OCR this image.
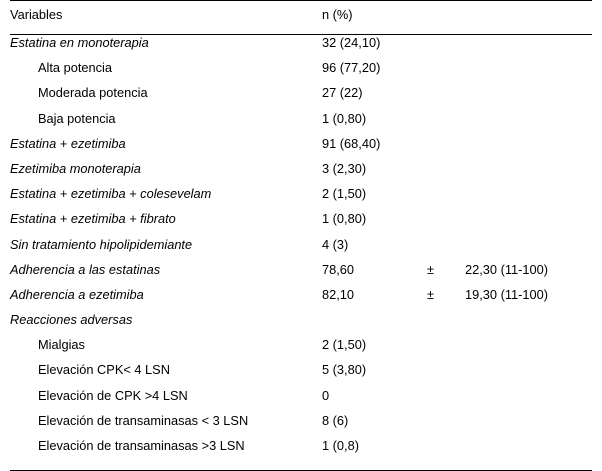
Variables	n (%)		
Estatina en monoterapia	32 (24,10)		
Alta potencia	96 (77,20)		
Moderada potencia	27 (22)		
Baja potencia	1 (0,80)		
Estatina + ezetimiba	91 (68,40)		
Ezetimiba monoterapia	3 (2,30)		
Estatina + ezetimiba + colesevelam	2 (1,50)		
Estatina + ezetimiba + fibrato	1 (0,80)		
Sin tratamiento hipolipidemiante	4 (3)		
Adherencia a las estatinas	78,60	±	22,30 (11-100)
Adherencia a ezetimiba	82,10	±	19,30 (11-100)
Reacciones adversas			
Mialgias	2 (1,50)		
Elevación CPK< 4 LSN	5 (3,80)		
Elevación de CPK >4 LSN	0		
Elevación de transaminasas < 3 LSN	8 (6)		
Elevación de transaminasas >3 LSN	1 (0,8)		
